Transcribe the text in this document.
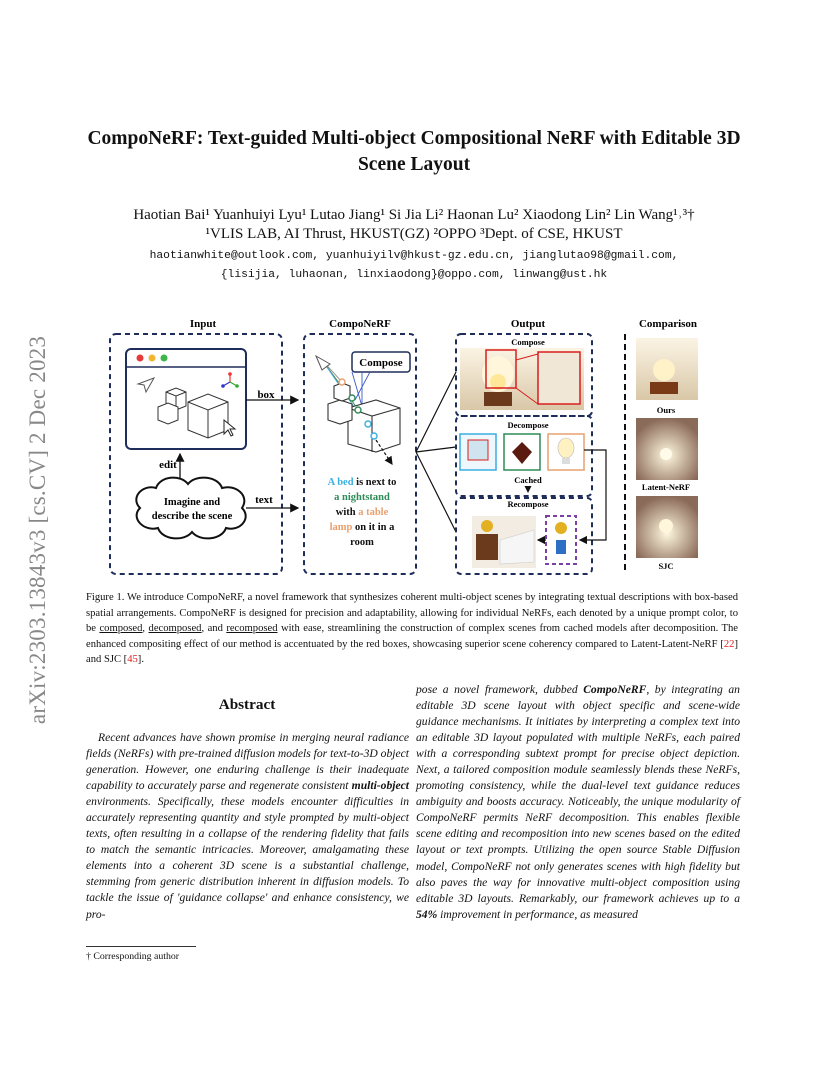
arXiv:2303.13843v3 [cs.CV] 2 Dec 2023
CompoNeRF: Text-guided Multi-object Compositional NeRF with Editable 3D
Scene Layout
Haotian Bai¹ Yuanhuiyi Lyu¹ Lutao Jiang¹ Si Jia Li² Haonan Lu² Xiaodong Lin² Lin Wang¹˒³†
¹VLIS LAB, AI Thrust, HKUST(GZ) ²OPPO ³Dept. of CSE, HKUST
haotianwhite@outlook.com, yuanhuiyilv@hkust-gz.edu.cn, jianglutao98@gmail.com,
{lisijia, luhaonan, linxiaodong}@oppo.com, linwang@ust.hk
Input	CompoNeRF	Output	Comparison
box
edit
Imagine and
describe the scene
text
Compose
A bed is next to
a nightstand
with a table
lamp on it in a
room
Compose
Decompose
Cached
Recompose
Ours
Latent-NeRF
SJC
Figure 1. We introduce CompoNeRF, a novel framework that synthesizes coherent multi-object scenes by integrating textual descriptions with box-based spatial arrangements. CompoNeRF is designed for precision and adaptability, allowing for individual NeRFs, each denoted by a unique prompt color, to be composed, decomposed, and recomposed with ease, streamlining the construction of complex scenes from cached models after decomposition. The enhanced compositing effect of our method is accentuated by the red boxes, showcasing superior scene coherency compared to Latent-Latent-NeRF [22] and SJC [45].
Abstract
Recent advances have shown promise in merging neural radiance fields (NeRFs) with pre-trained diffusion models for text-to-3D object generation. However, one enduring challenge is their inadequate capability to accurately parse and regenerate consistent multi-object environments. Specifically, these models encounter difficulties in accurately representing quantity and style prompted by multi-object texts, often resulting in a collapse of the rendering fidelity that fails to match the semantic intricacies. Moreover, amalgamating these elements into a coherent 3D scene is a substantial challenge, stemming from generic distribution inherent in diffusion models. To tackle the issue of 'guidance collapse' and enhance consistency, we pro-
pose a novel framework, dubbed CompoNeRF, by integrating an editable 3D scene layout with object specific and scene-wide guidance mechanisms. It initiates by interpreting a complex text into an editable 3D layout populated with multiple NeRFs, each paired with a corresponding subtext prompt for precise object depiction. Next, a tailored composition module seamlessly blends these NeRFs, promoting consistency, while the dual-level text guidance reduces ambiguity and boosts accuracy. Noticeably, the unique modularity of CompoNeRF permits NeRF decomposition. This enables flexible scene editing and recomposition into new scenes based on the edited layout or text prompts. Utilizing the open source Stable Diffusion model, CompoNeRF not only generates scenes with high fidelity but also paves the way for innovative multi-object composition using editable 3D layouts. Remarkably, our framework achieves up to a 54% improvement in performance, as measured
† Corresponding author
